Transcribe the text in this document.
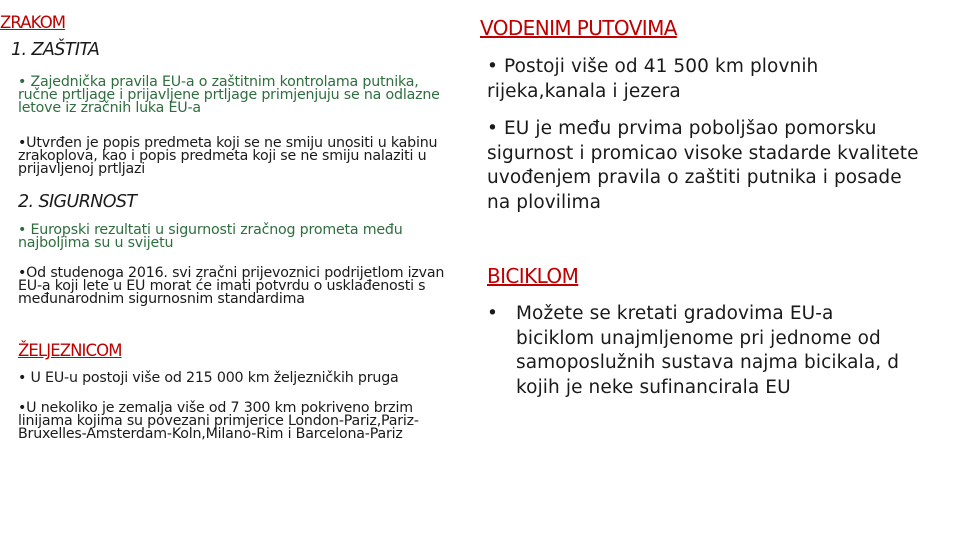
ZRAKOM
1. ZAŠTITA
• Zajednička pravila EU-a o zaštitnim kontrolama putnika, ručne prtljage i prijavljene prtljage primjenjuju se na odlazne letove iz zračnih luka EU-a
•Utvrđen je popis predmeta koji se ne smiju unositi u kabinu zrakoplova, kao i popis predmeta koji se ne smiju nalaziti u prijavljenoj prtljazi
2. SIGURNOST
• Europski rezultati u sigurnosti zračnog prometa među najboljima su u svijetu
•Od studenoga 2016. svi zračni prijevoznici podrijetlom izvan EU-a koji lete u EU morat će imati potvrdu o usklađenosti s međunarodnim sigurnosnim standardima
ŽELJEZNICOM
• U EU-u postoji više od 215 000 km željezničkih pruga
•U nekoliko je zemalja više od 7 300 km pokriveno brzim linijama kojima su povezani primjerice London-Pariz,Pariz-Bruxelles-Amsterdam-Koln,Milano-Rim i Barcelona-Pariz
VODENIM PUTOVIMA
• Postoji više od 41 500 km plovnih rijeka,kanala i jezera
• EU je među prvima poboljšao pomorsku sigurnost i promicao visoke stadarde kvalitete uvođenjem pravila o zaštiti putnika i posade na plovilima
BICIKLOM
• Možete se kretati gradovima EU-a biciklom unajmljenome pri jednome od samoposlužnih sustava najma bicikala, d kojih je neke sufinancirala EU
